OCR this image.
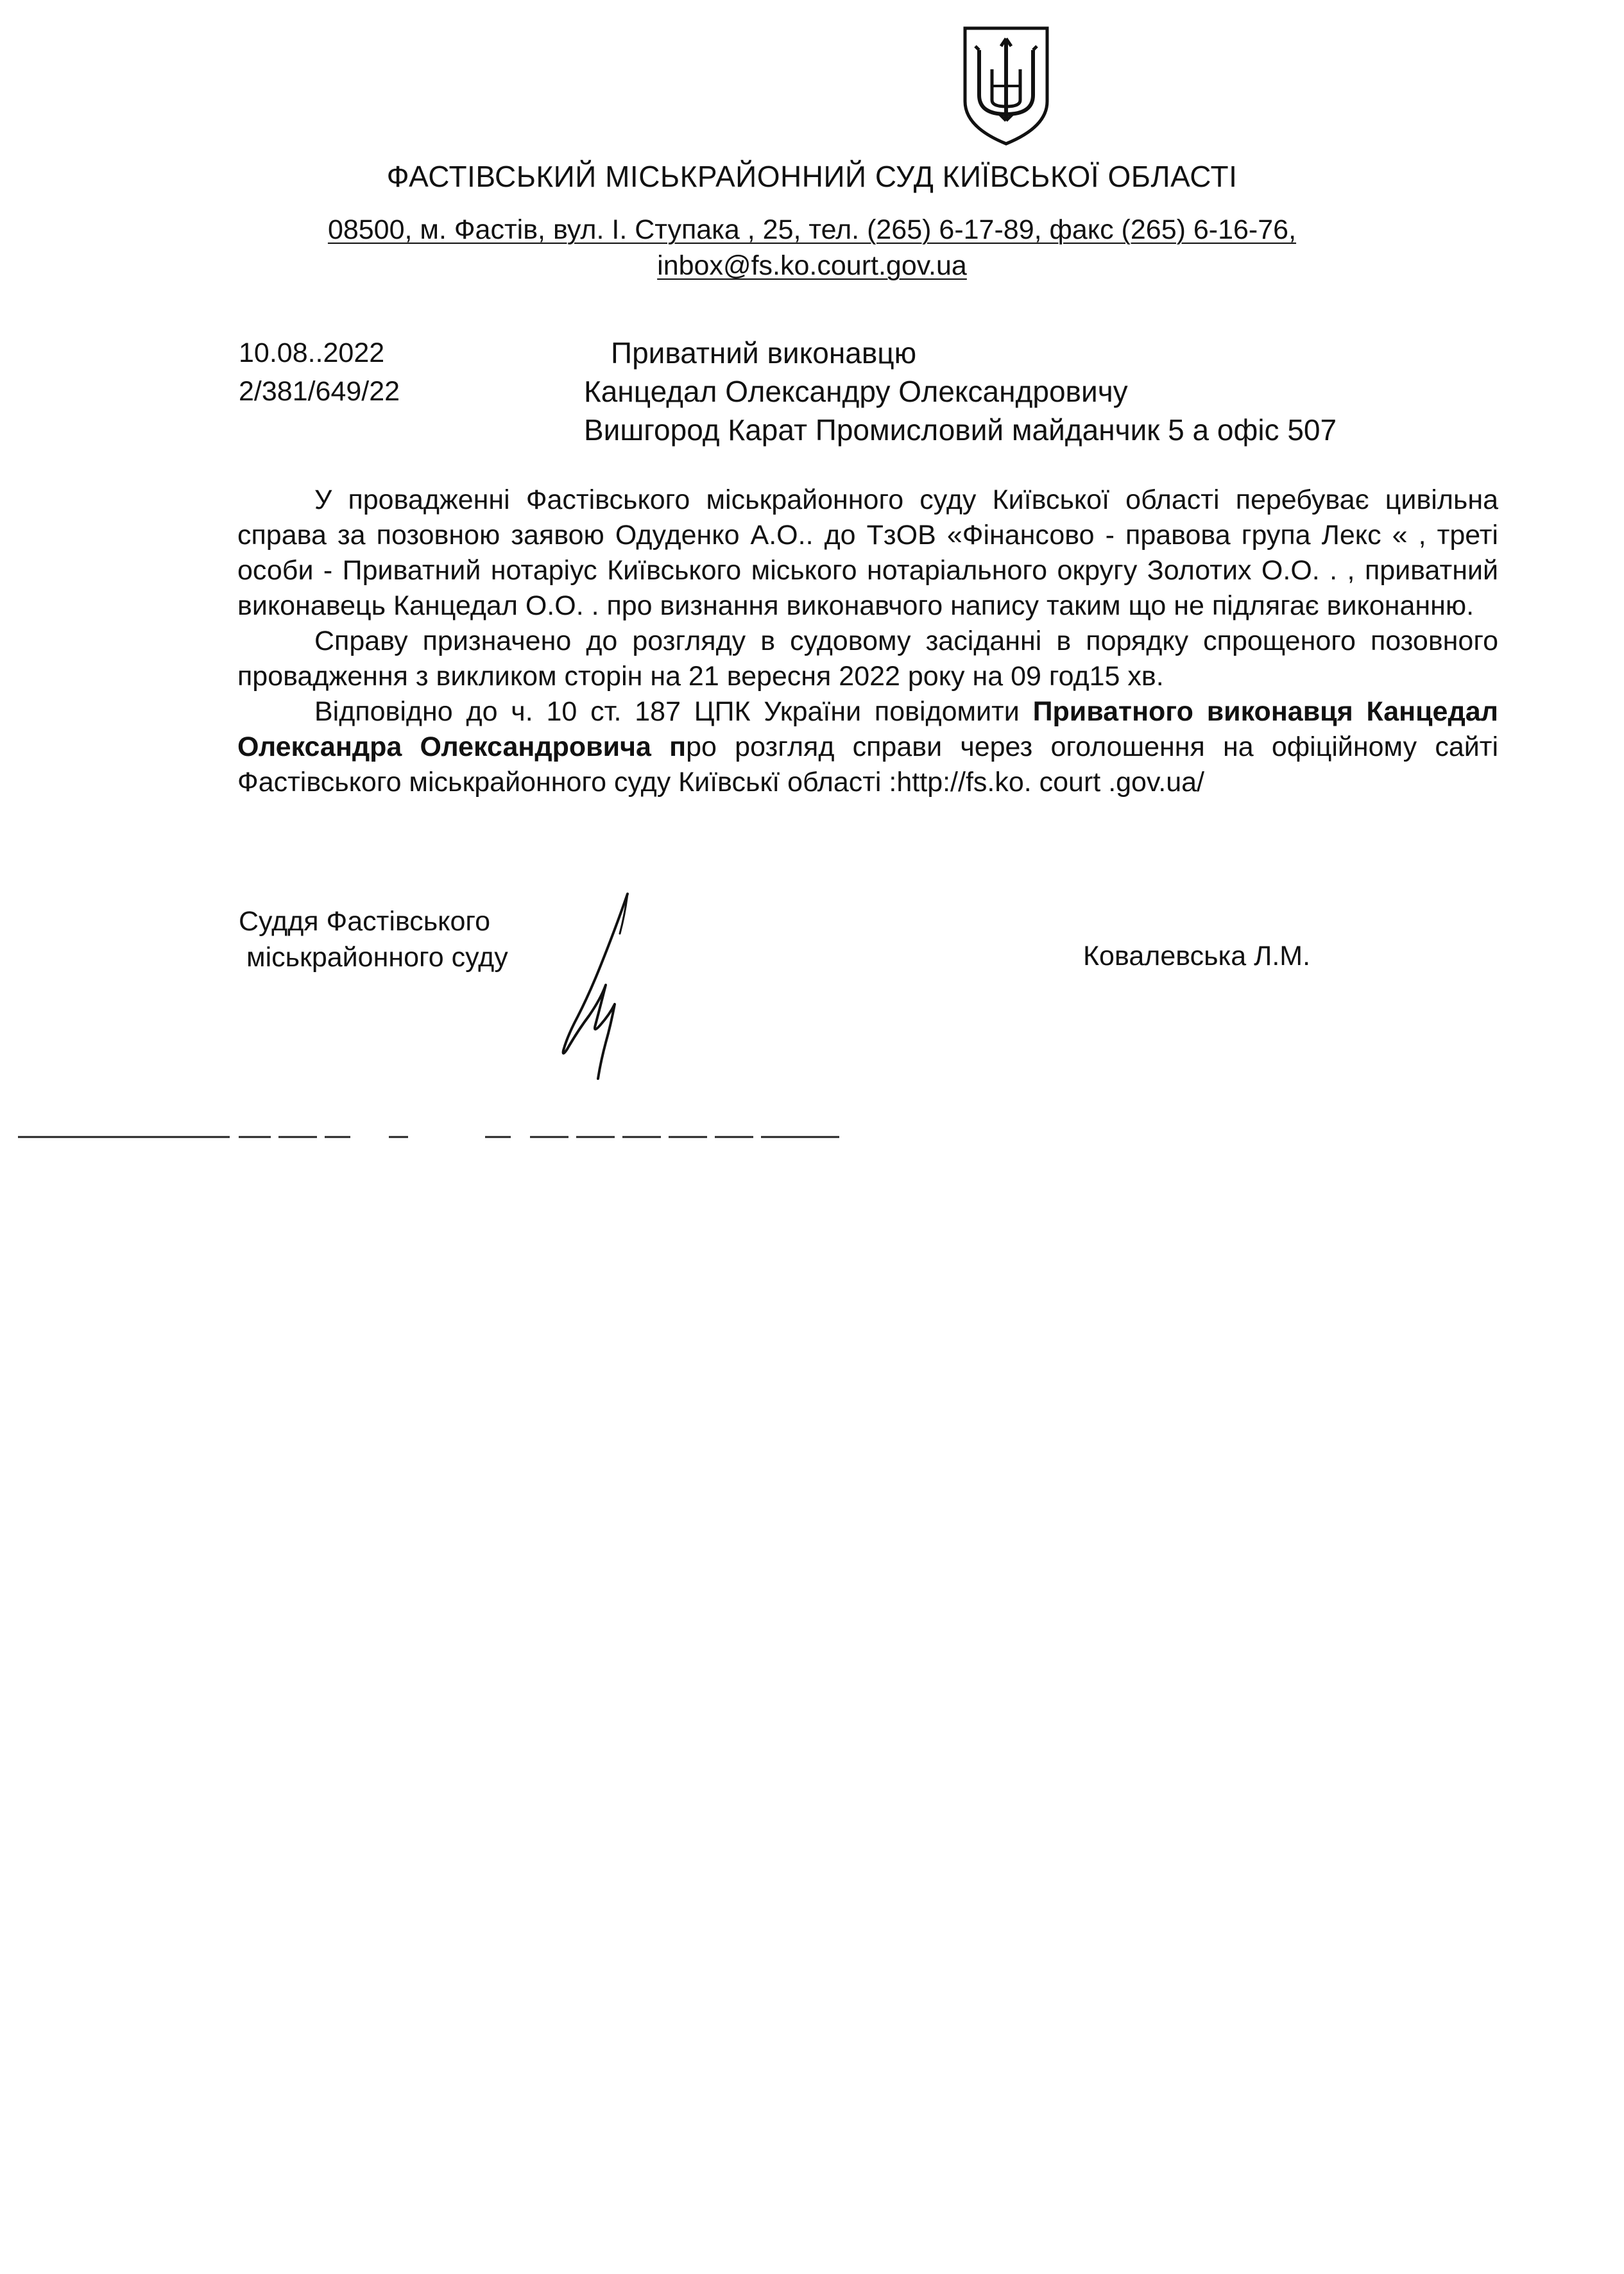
ФАСТІВСЬКИЙ МІСЬКРАЙОННИЙ СУД КИЇВСЬКОЇ ОБЛАСТІ
08500, м. Фастів, вул. І. Ступака , 25, тел. (265) 6-17-89, факс (265) 6-16-76,
inbox@fs.ko.court.gov.ua
10.08..2022
2/381/649/22
Приватний виконавцю
Канцедал Олександру Олександровичу
Вишгород Карат Промисловий майданчик 5 а офіс 507

У провадженні Фастівського міськрайонного суду Київської області перебуває цивільна справа за позовною заявою Одуденко А.О.. до ТзОВ «Фінансово - правова група Лекс « , треті особи - Приватний нотаріус Київського міського нотаріального округу Золотих О.О. . , приватний виконавець Канцедал О.О. . про визнання виконавчого напису таким що не підлягає виконанню.

Справу призначено до розгляду в судовому засіданні в порядку спрощеного позовного провадження з викликом сторін на 21 вересня 2022 року на 09 год15 хв.

Відповідно до ч. 10 ст. 187 ЦПК України повідомити Приватного виконавця Канцедал Олександра Олександровича про розгляд справи через оголошення на офіційному сайті Фастівського міськрайонного суду Київськї області :http://fs.ko. court .gov.ua/

Суддя Фастівського
міськрайонного суду	Ковалевська Л.М.
